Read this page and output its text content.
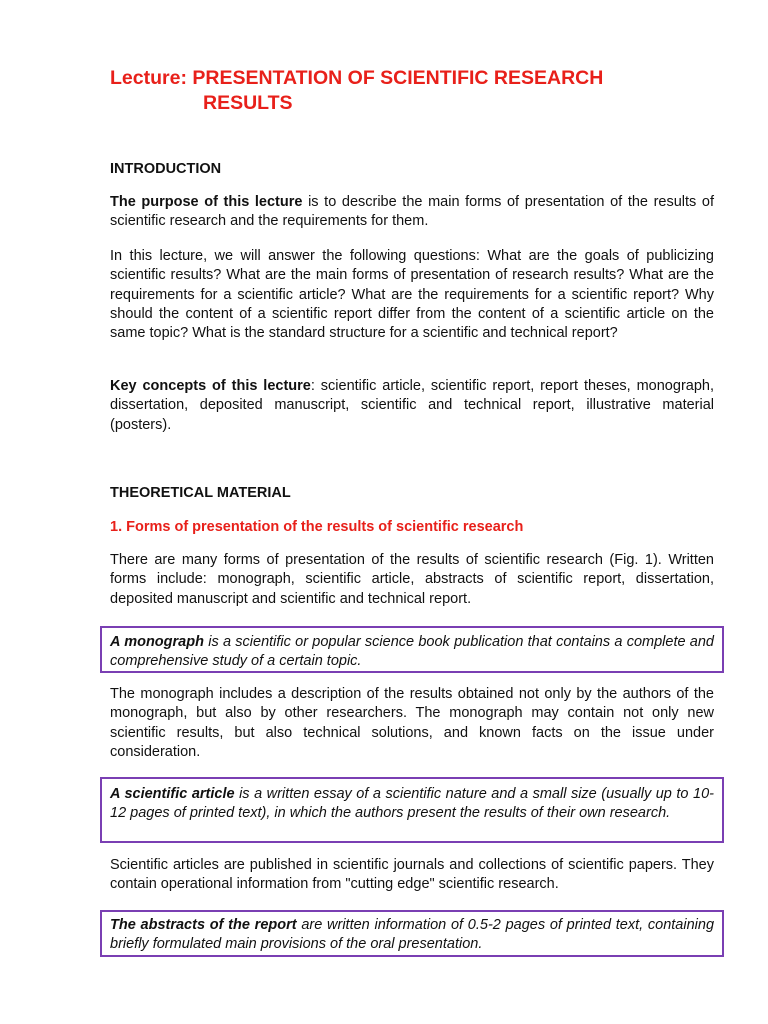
Lecture: PRESENTATION OF SCIENTIFIC RESEARCH
RESULTS
INTRODUCTION

The purpose of this lecture is to describe the main forms of presentation of the results of scientific research and the requirements for them.

In this lecture, we will answer the following questions: What are the goals of publicizing scientific results? What are the main forms of presentation of research results? What are the requirements for a scientific article? What are the requirements for a scientific report? Why should the content of a scientific report differ from the content of a scientific article on the same topic? What is the standard structure for a scientific and technical report?

Key concepts of this lecture: scientific article, scientific report, report theses, monograph, dissertation, deposited manuscript, scientific and technical report, illustrative material (posters).

THEORETICAL MATERIAL
1. Forms of presentation of the results of scientific research

There are many forms of presentation of the results of scientific research (Fig. 1). Written forms include: monograph, scientific article, abstracts of scientific report, dissertation, deposited manuscript and scientific and technical report.

A monograph is a scientific or popular science book publication that contains a complete and comprehensive study of a certain topic.

The monograph includes a description of the results obtained not only by the authors of the monograph, but also by other researchers. The monograph may contain not only new scientific results, but also technical solutions, and known facts on the issue under consideration.

A scientific article is a written essay of a scientific nature and a small size (usually up to 10-12 pages of printed text), in which the authors present the results of their own research.

Scientific articles are published in scientific journals and collections of scientific papers. They contain operational information from "cutting edge" scientific research.

The abstracts of the report are written information of 0.5-2 pages of printed text, containing briefly formulated main provisions of the oral presentation.
